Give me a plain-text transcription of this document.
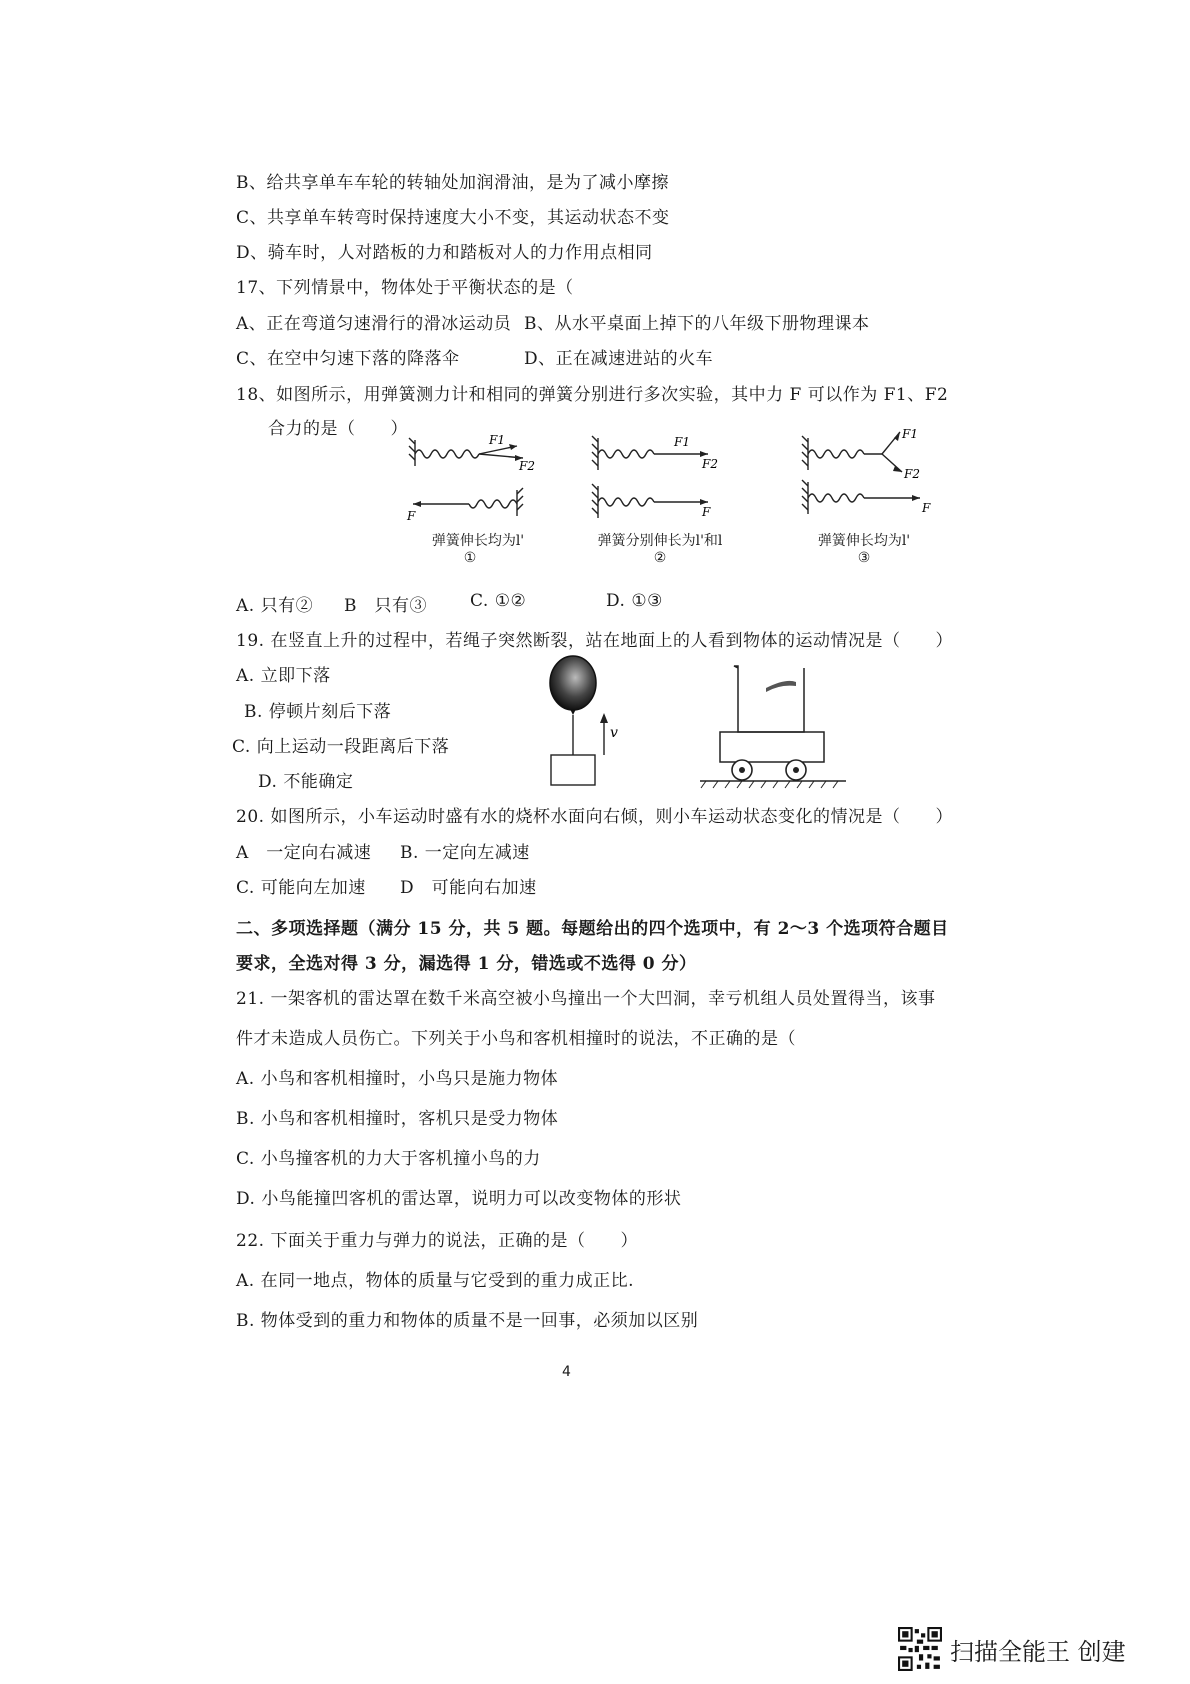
B、给共享单车车轮的转轴处加润滑油，是为了减小摩擦
C、共享单车转弯时保持速度大小不变，其运动状态不变
D、骑车时，人对踏板的力和踏板对人的力作用点相同
17、下列情景中，物体处于平衡状态的是（
A、正在弯道匀速滑行的滑冰运动员 B、从水平桌面上掉下的八年级下册物理课本
C、在空中匀速下落的降落伞	D、正在减速进站的火车
18、如图所示，用弹簧测力计和相同的弹簧分别进行多次实验，其中力 F 可以作为 F1、F2
合力的是（　　）
F1
F2
F
F1
F2
F
F1
F2
F
弹簧伸长均为l'
①
弹簧分别伸长为l'和l
②
弹簧伸长均为l'
③
A. 只有② B　只有③	C. ①②	D. ①③
19. 在竖直上升的过程中，若绳子突然断裂，站在地面上的人看到物体的运动情况是（　　）
A. 立即下落
B. 停顿片刻后下落
C. 向上运动一段距离后下落
D. 不能确定
v
20. 如图所示，小车运动时盛有水的烧杯水面向右倾，则小车运动状态变化的情况是（　　）
A　一定向右减速 B. 一定向左减速
C. 可能向左加速 D　可能向右加速
二、多项选择题（满分 15 分，共 5 题。每题给出的四个选项中，有 2～3 个选项符合题目
要求，全选对得 3 分，漏选得 1 分，错选或不选得 0 分）
21. 一架客机的雷达罩在数千米高空被小鸟撞出一个大凹洞，幸亏机组人员处置得当，该事
件才未造成人员伤亡。下列关于小鸟和客机相撞时的说法，不正确的是（
A. 小鸟和客机相撞时，小鸟只是施力物体
B. 小鸟和客机相撞时，客机只是受力物体
C. 小鸟撞客机的力大于客机撞小鸟的力
D. 小鸟能撞凹客机的雷达罩，说明力可以改变物体的形状
22. 下面关于重力与弹力的说法，正确的是（　　）
A. 在同一地点，物体的质量与它受到的重力成正比.
B. 物体受到的重力和物体的质量不是一回事，必须加以区别
4
扫描全能王 创建
